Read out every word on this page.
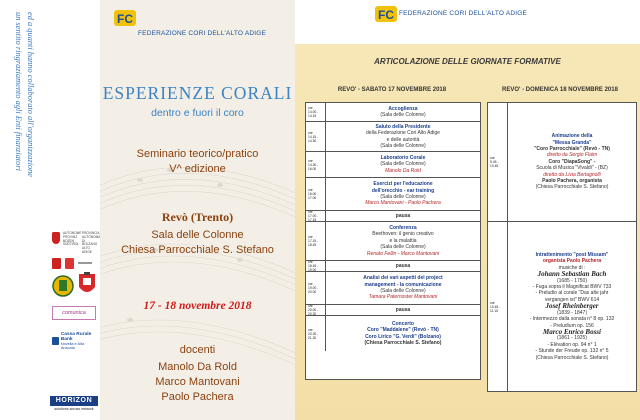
un sentito ringraziamento agli Enti finanziatori ed a quanti hanno collaborato all'organizzazione
AUTONOME PROVINZ BOZEN SÜDTIROL
PROVINCIA AUTONOMA DI BOLZANO ALTO ADIGE
comunica
Cassa Rurale Bank
Novella e Alta Anaunia
HORIZON
solutions across network
FC
FEDERAZIONE CORI DELL'ALTO ADIGE
ESPERIENZE CORALI
dentro e fuori il coro
Seminario teorico/pratico
V^ edizione
Revò (Trento)
Sala delle Colonne
Chiesa Parrocchiale S. Stefano
17 - 18 novembre 2018
docenti
Manolo Da Rold
Marco Mantovani
Paolo Pachera
FC FEDERAZIONE CORI DELL'ALTO ADIGE
ARTICOLAZIONE DELLE GIORNATE FORMATIVE
REVO' - SABATO 17 NOVEMBRE 2018	REVO' - DOMENICA 18 NOVEMBRE 2018
ore
14.00 - 14.15
Accoglienza
(Sala delle Colonne)
ore
14.15 - 14.30
Saluto della Presidente
della Federazione Cori Alto Adige
e delle autorità
(Sala delle Colonne)
ore
14.30 - 16.00
Laboratorio Corale
(Sala delle Colonne)
Manolo Da Rold
ore
16.00 - 17.00
Esercizi per l'educazione
dell'orecchio - ear training
(Sala delle Colonne)
Marco Mantovani - Paolo Pachera
ore
17.00 - 17.15
pausa
ore
17.15 - 18.45
Conferenza
Beethoven: il genio creativo
e la malattia
(Sala delle Colonne)
Renato Fellin - Marco Mantovani
ore
18.45 - 19.00
pausa
ore
19.00 - 20.00
Analisi dei vari aspetti del project
management - la comunicazione
(Sala delle Colonne)
Tamara Paternoster Mantovani
ore
20.00 - 20.30
pausa
ore
20.30 - 21.30
Concerto
Coro "Maddalene" (Revò - TN)
Coro Lirico "G. Verdi" (Bolzano)
(Chiesa Parrocchiale S. Stefano)
ore
9.45 - 10.45
Animazione della
"Messa Granda"
"Coro Parrocchiale" (Revò - TN)
diretto da Sergio Flaim
Coro "DiapaSong" -
Scuola di Musica "Vivaldi" - (BZ)
diretto da Livia Bertagnolli
Paolo Pachera, organista
(Chiesa Parrocchiale S. Stefano)
ore
10.45 - 11.15
Intrattenimento "post Missam"
organista Paolo Pachera
musiche di :
Johann Sebastian Bach
(1685 - 1750)
- Fuga sopra il Magnificat BWV 733
- Preludio al corale "Das alte jahr
vergangen ist" BWV 614
Josef Rheinberger
(1839 - 1847)
- Intermezzo dalla sonata n° 8 op. 132
- Preludium op. 156
Marco Enrico Bossi
(1861 - 1925)
- Elévation op. 94 n° 1
- Stunde der Freude op. 132 n° 5
(Chiesa Parrocchiale S. Stefano)
